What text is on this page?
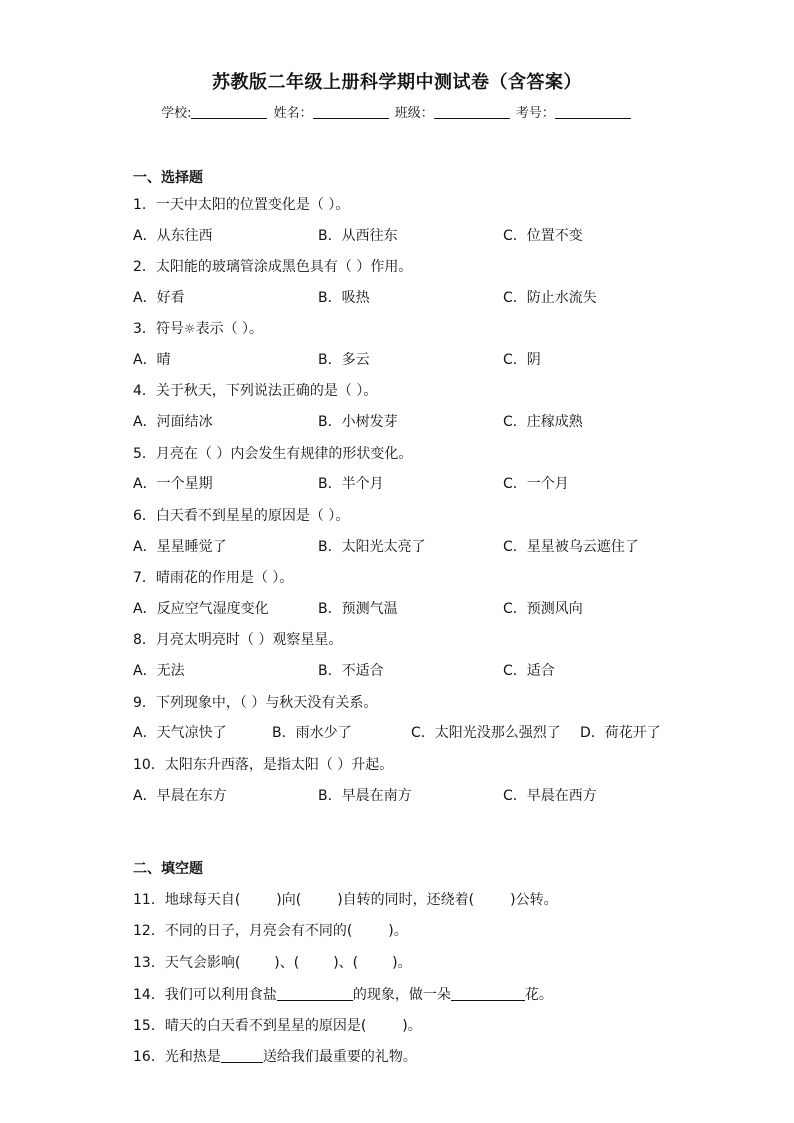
苏教版二年级上册科学期中测试卷（含答案）
学校:	姓名：	班级：	考号：
一、选择题
1．一天中太阳的位置变化是（ ）。
A．从东往西	B．从西往东	C．位置不变
2．太阳能的玻璃管涂成黑色具有（ ）作用。
A．好看	B．吸热	C．防止水流失
3．符号☼表示（ ）。
A．晴	B．多云	C．阴
4．关于秋天，下列说法正确的是（ ）。
A．河面结冰	B．小树发芽	C．庄稼成熟
5．月亮在（ ）内会发生有规律的形状变化。
A．一个星期	B．半个月	C．一个月
6．白天看不到星星的原因是（ ）。
A．星星睡觉了	B．太阳光太亮了	C．星星被乌云遮住了
7．晴雨花的作用是（ ）。
A．反应空气湿度变化	B．预测气温	C．预测风向
8．月亮太明亮时（ ）观察星星。
A．无法	B．不适合	C．适合
9．下列现象中，（ ）与秋天没有关系。
A．天气凉快了	B．雨水少了	C．太阳光没那么强烈了 D．荷花开了
10．太阳东升西落，是指太阳（ ）升起。
A．早晨在东方	B．早晨在南方	C．早晨在西方
二、填空题
11．地球每天自(	)向(	)自转的同时，还绕着(	)公转。
12．不同的日子，月亮会有不同的(	)。
13．天气会影响( )、( )、( )。
14．我们可以利用食盐	的现象，做一朵	花。
15．晴天的白天看不到星星的原因是(	)。
16．光和热是	送给我们最重要的礼物。
